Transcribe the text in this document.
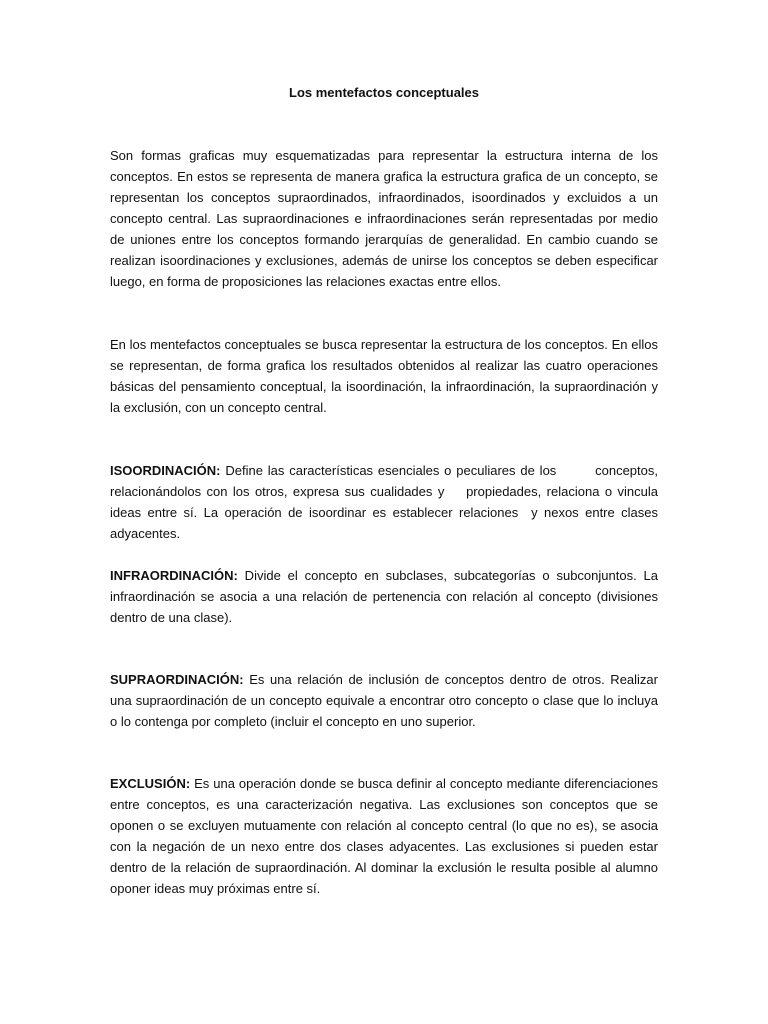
Los mentefactos conceptuales

Son formas graficas muy esquematizadas para representar la estructura interna de los conceptos. En estos se representa de manera grafica la estructura grafica de un concepto, se representan los conceptos supraordinados, infraordinados, isoordinados y excluidos a un concepto central. Las supraordinaciones e infraordinaciones serán representadas por medio de uniones entre los conceptos formando jerarquías de generalidad. En cambio cuando se realizan isoordinaciones y exclusiones, además de unirse los conceptos se deben especificar luego, en forma de proposiciones las relaciones exactas entre ellos.

En los mentefactos conceptuales se busca representar la estructura de los conceptos. En ellos se representan, de forma grafica los resultados obtenidos al realizar las cuatro operaciones básicas del pensamiento conceptual, la isoordinación, la infraordinación, la supraordinación y la exclusión, con un concepto central.

ISOORDINACIÓN: Define las características esenciales o peculiares de los        conceptos, relacionándolos con los otros, expresa sus cualidades y    propiedades, relaciona o vincula ideas entre sí. La operación de isoordinar es establecer relaciones  y nexos entre clases adyacentes.

INFRAORDINACIÓN: Divide el concepto en subclases, subcategorías o subconjuntos. La infraordinación se asocia a una relación de pertenencia con relación al concepto (divisiones dentro de una clase).

SUPRAORDINACIÓN: Es una relación de inclusión de conceptos dentro de otros. Realizar una supraordinación de un concepto equivale a encontrar otro concepto o clase que lo incluya o lo contenga por completo (incluir el concepto en uno superior.

EXCLUSIÓN: Es una operación donde se busca definir al concepto mediante diferenciaciones entre conceptos, es una caracterización negativa. Las exclusiones son conceptos que se oponen o se excluyen mutuamente con relación al concepto central (lo que no es), se asocia con la negación de un nexo entre dos clases adyacentes. Las exclusiones si pueden estar dentro de la relación de supraordinación. Al dominar la exclusión le resulta posible al alumno oponer ideas muy próximas entre sí.
